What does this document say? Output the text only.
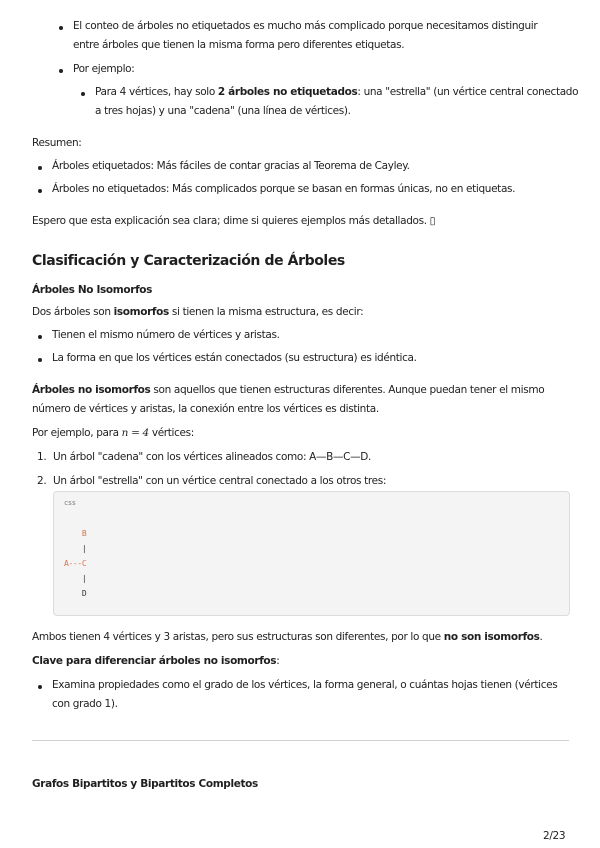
El conteo de árboles no etiquetados es mucho más complicado porque necesitamos distinguir
entre árboles que tienen la misma forma pero diferentes etiquetas.
Por ejemplo:
Para 4 vértices, hay solo 2 árboles no etiquetados: una "estrella" (un vértice central conectado
a tres hojas) y una "cadena" (una línea de vértices).
Resumen:
Árboles etiquetados: Más fáciles de contar gracias al Teorema de Cayley.
Árboles no etiquetados: Más complicados porque se basan en formas únicas, no en etiquetas.
Espero que esta explicación sea clara; dime si quieres ejemplos más detallados. ▯
Clasificación y Caracterización de Árboles
Árboles No Isomorfos
Dos árboles son isomorfos si tienen la misma estructura, es decir:
Tienen el mismo número de vértices y aristas.
La forma en que los vértices están conectados (su estructura) es idéntica.
Árboles no isomorfos son aquellos que tienen estructuras diferentes. Aunque puedan tener el mismo
número de vértices y aristas, la conexión entre los vértices es distinta.
Por ejemplo, para n = 4 vértices:
1. Un árbol "cadena" con los vértices alineados como: A—B—C—D.
2. Un árbol "estrella" con un vértice central conectado a los otros tres:
css
B
|
A---C
|
D
Ambos tienen 4 vértices y 3 aristas, pero sus estructuras son diferentes, por lo que no son isomorfos.
Clave para diferenciar árboles no isomorfos:
Examina propiedades como el grado de los vértices, la forma general, o cuántas hojas tienen (vértices
con grado 1).
Grafos Bipartitos y Bipartitos Completos
2/23
